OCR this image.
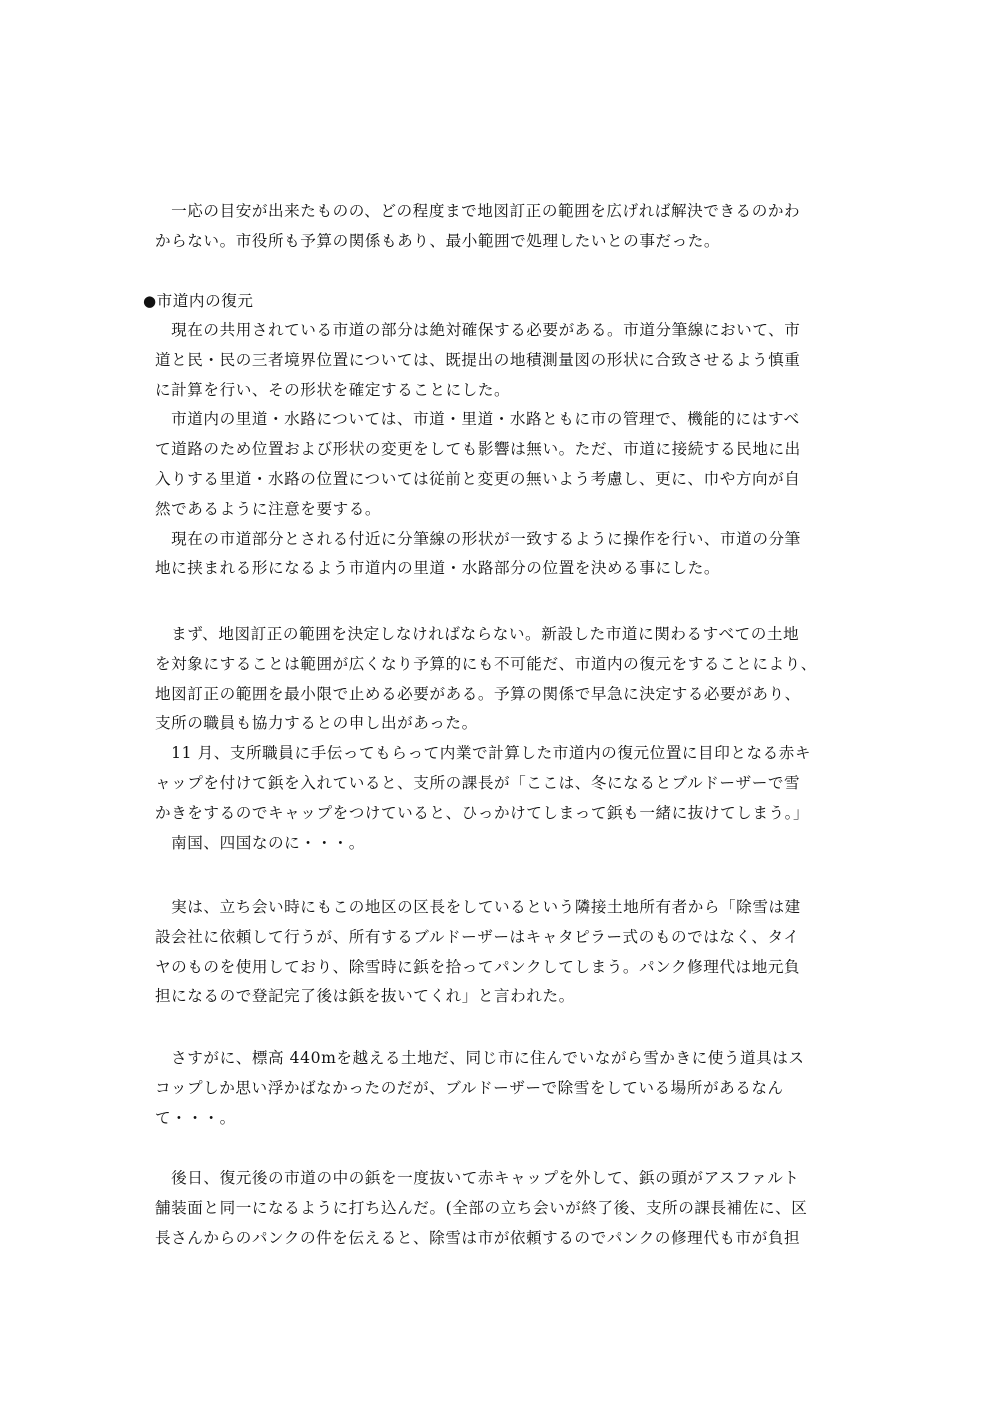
　一応の目安が出来たものの、どの程度まで地図訂正の範囲を広げれば解決できるのかわ
からない。市役所も予算の関係もあり、最小範囲で処理したいとの事だった。

●市道内の復元

　現在の共用されている市道の部分は絶対確保する必要がある。市道分筆線において、市
道と民・民の三者境界位置については、既提出の地積測量図の形状に合致させるよう慎重
に計算を行い、その形状を確定することにした。
　市道内の里道・水路については、市道・里道・水路ともに市の管理で、機能的にはすべ
て道路のため位置および形状の変更をしても影響は無い。ただ、市道に接続する民地に出
入りする里道・水路の位置については従前と変更の無いよう考慮し、更に、巾や方向が自
然であるように注意を要する。
　現在の市道部分とされる付近に分筆線の形状が一致するように操作を行い、市道の分筆
地に挟まれる形になるよう市道内の里道・水路部分の位置を決める事にした。

　まず、地図訂正の範囲を決定しなければならない。新設した市道に関わるすべての土地
を対象にすることは範囲が広くなり予算的にも不可能だ、市道内の復元をすることにより、
地図訂正の範囲を最小限で止める必要がある。予算の関係で早急に決定する必要があり、
支所の職員も協力するとの申し出があった。
　11 月、支所職員に手伝ってもらって内業で計算した市道内の復元位置に目印となる赤キ
ャップを付けて鋲を入れていると、支所の課長が「ここは、冬になるとブルドーザーで雪
かきをするのでキャップをつけていると、ひっかけてしまって鋲も一緒に抜けてしまう。」
　南国、四国なのに・・・。

　実は、立ち会い時にもこの地区の区長をしているという隣接土地所有者から「除雪は建
設会社に依頼して行うが、所有するブルドーザーはキャタピラー式のものではなく、タイ
ヤのものを使用しており、除雪時に鋲を拾ってパンクしてしまう。パンク修理代は地元負
担になるので登記完了後は鋲を抜いてくれ」と言われた。

　さすがに、標高 440mを越える土地だ、同じ市に住んでいながら雪かきに使う道具はス
コップしか思い浮かばなかったのだが、ブルドーザーで除雪をしている場所があるなん
て・・・。

　後日、復元後の市道の中の鋲を一度抜いて赤キャップを外して、鋲の頭がアスファルト
舗装面と同一になるように打ち込んだ。(全部の立ち会いが終了後、支所の課長補佐に、区
長さんからのパンクの件を伝えると、除雪は市が依頼するのでパンクの修理代も市が負担
